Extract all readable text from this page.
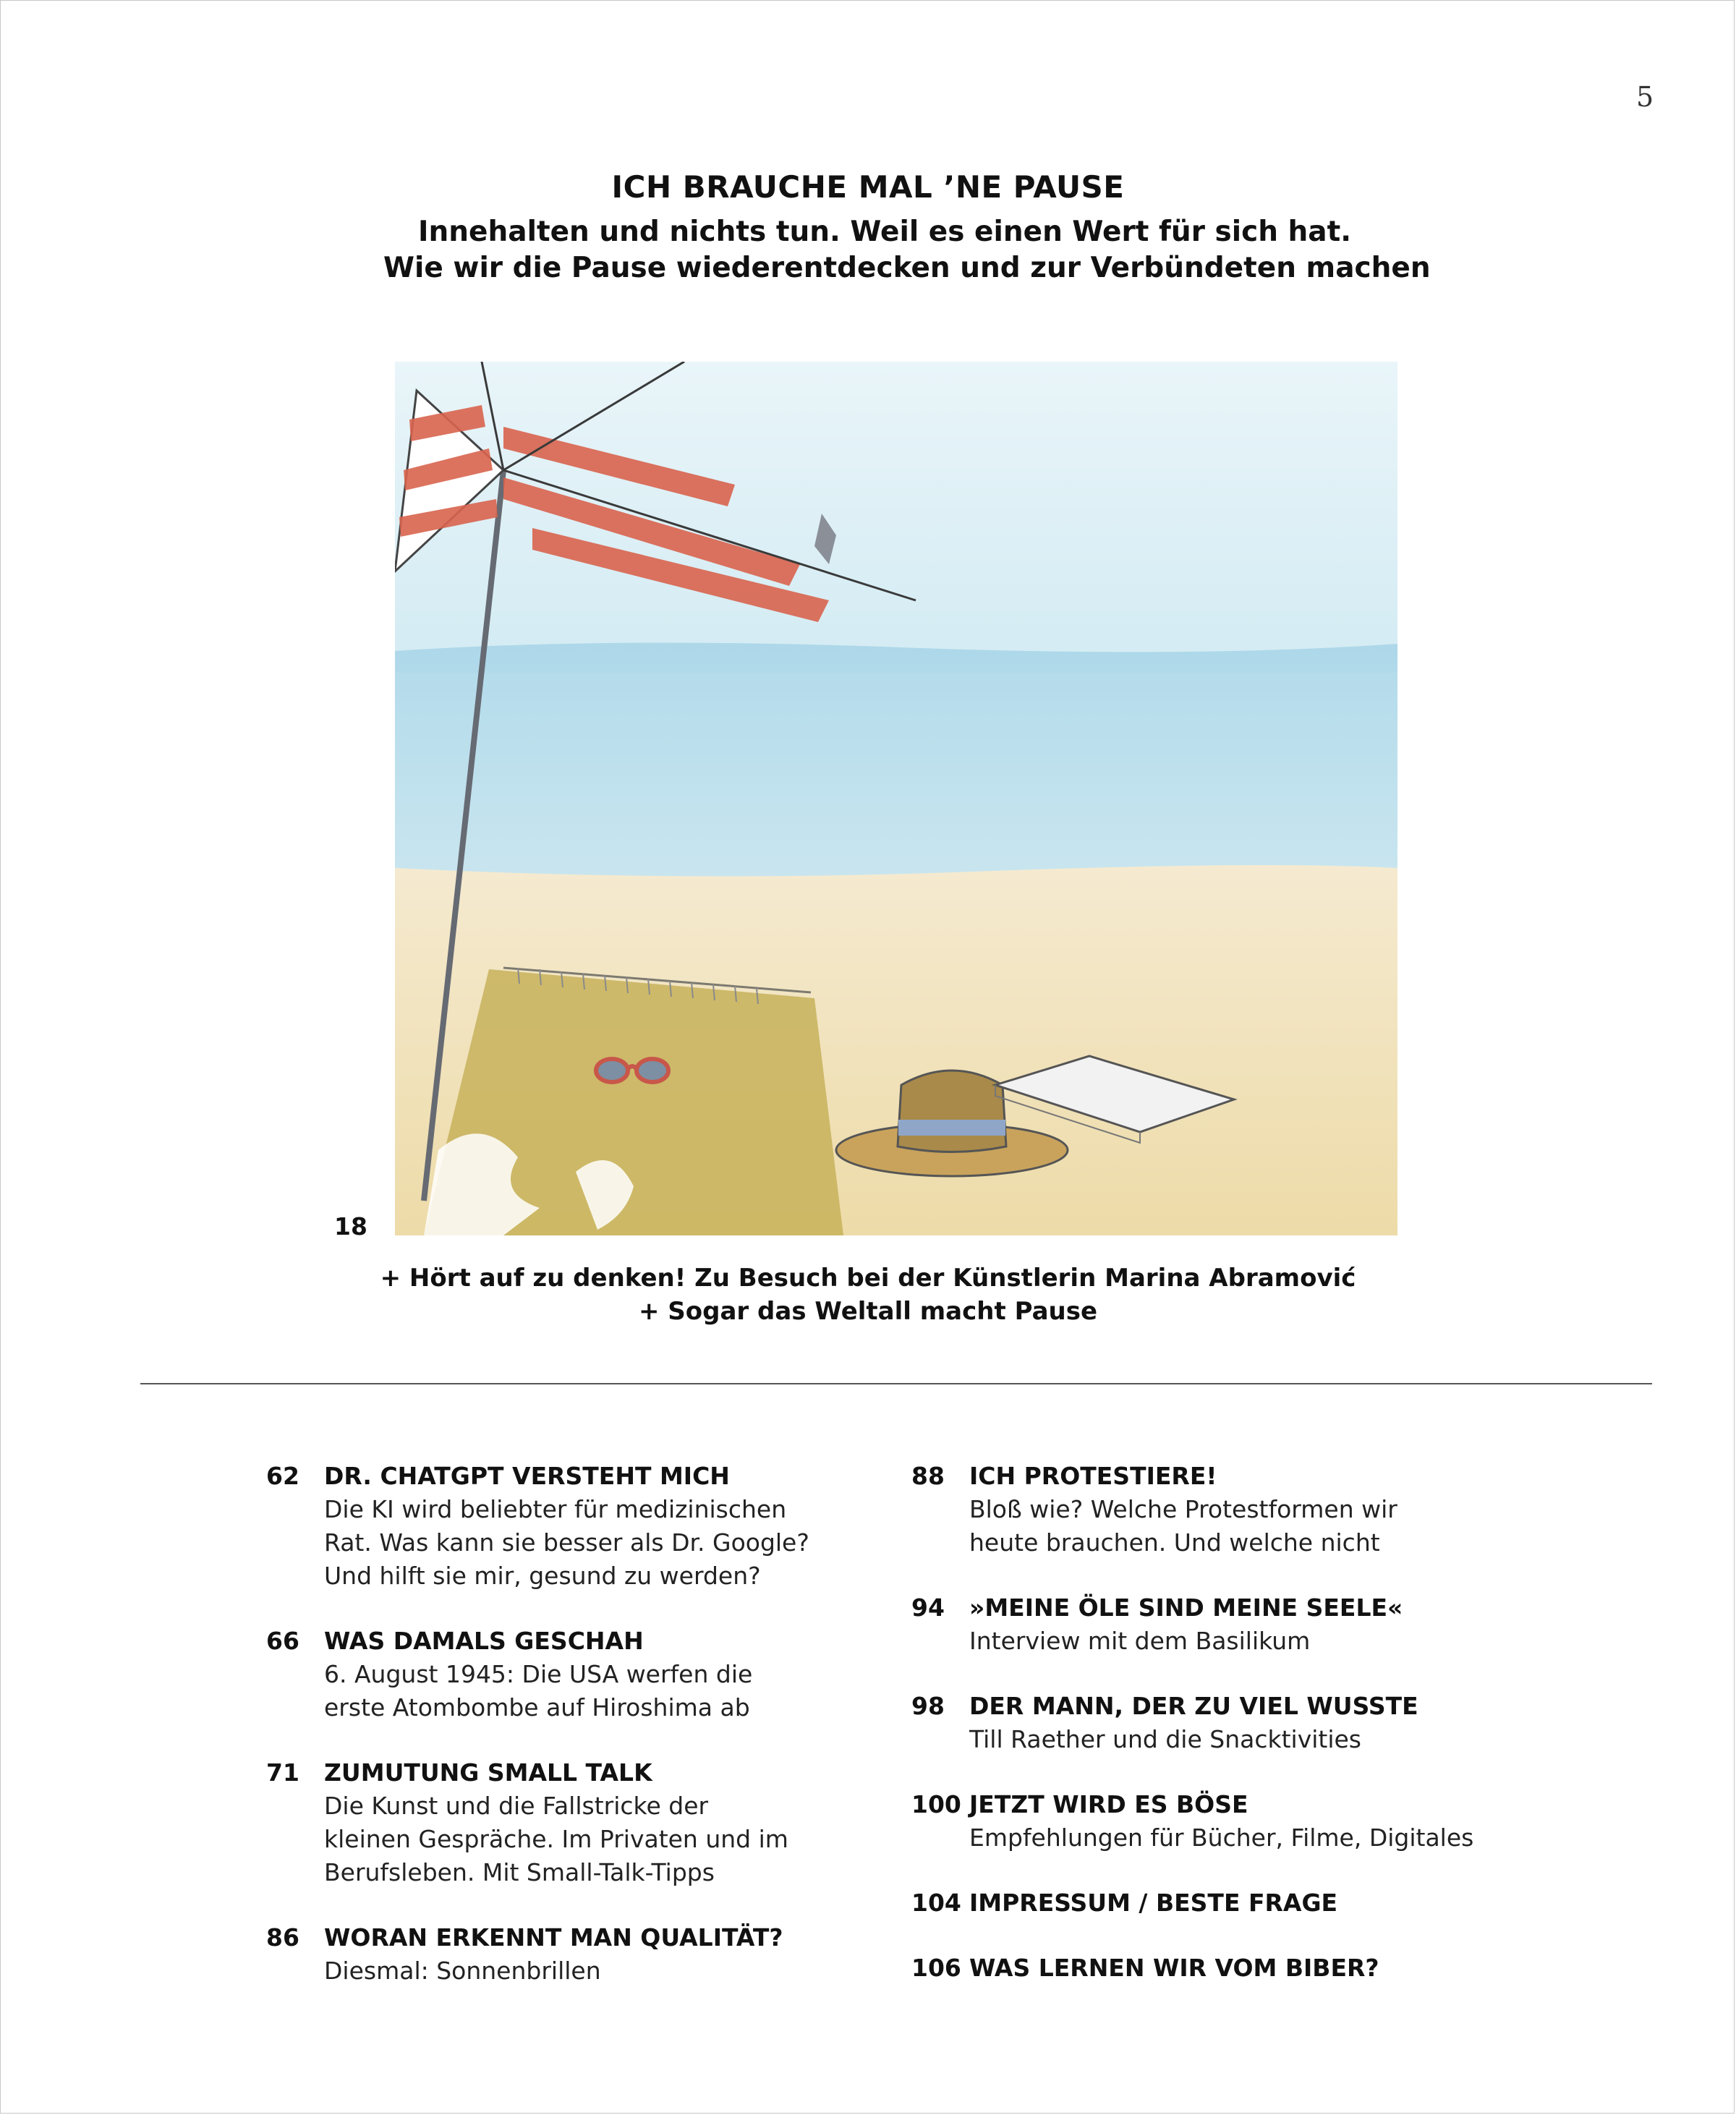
5
ICH BRAUCHE MAL ’NE PAUSE

Innehalten und nichts tun. Weil es einen Wert für sich hat.
Wie wir die Pause wiederentdecken und zur Verbündeten machen

18
+ Hört auf zu denken! Zu Besuch bei der Künstlerin Marina Abramović
+ Sogar das Weltall macht Pause
62 DR. CHATGPT VERSTEHT MICH
Die KI wird beliebter für medizinischen
Rat. Was kann sie besser als Dr. Google?
Und hilft sie mir, gesund zu werden?
66 WAS DAMALS GESCHAH
6. August 1945: Die USA werfen die
erste Atombombe auf Hiroshima ab
71 ZUMUTUNG SMALL TALK
Die Kunst und die Fallstricke der
kleinen Gespräche. Im Privaten und im
Berufsleben. Mit Small-Talk-Tipps
86 WORAN ERKENNT MAN QUALITÄT?
Diesmal: Sonnenbrillen
88 ICH PROTESTIERE!
Bloß wie? Welche Protestformen wir
heute brauchen. Und welche nicht
94 »MEINE ÖLE SIND MEINE SEELE«
Interview mit dem Basilikum
98 DER MANN, DER ZU VIEL WUSSTE
Till Raether und die Snacktivities
100 JETZT WIRD ES BÖSE
Empfehlungen für Bücher, Filme, Digitales
104 IMPRESSUM / BESTE FRAGE
106 WAS LERNEN WIR VOM BIBER?
